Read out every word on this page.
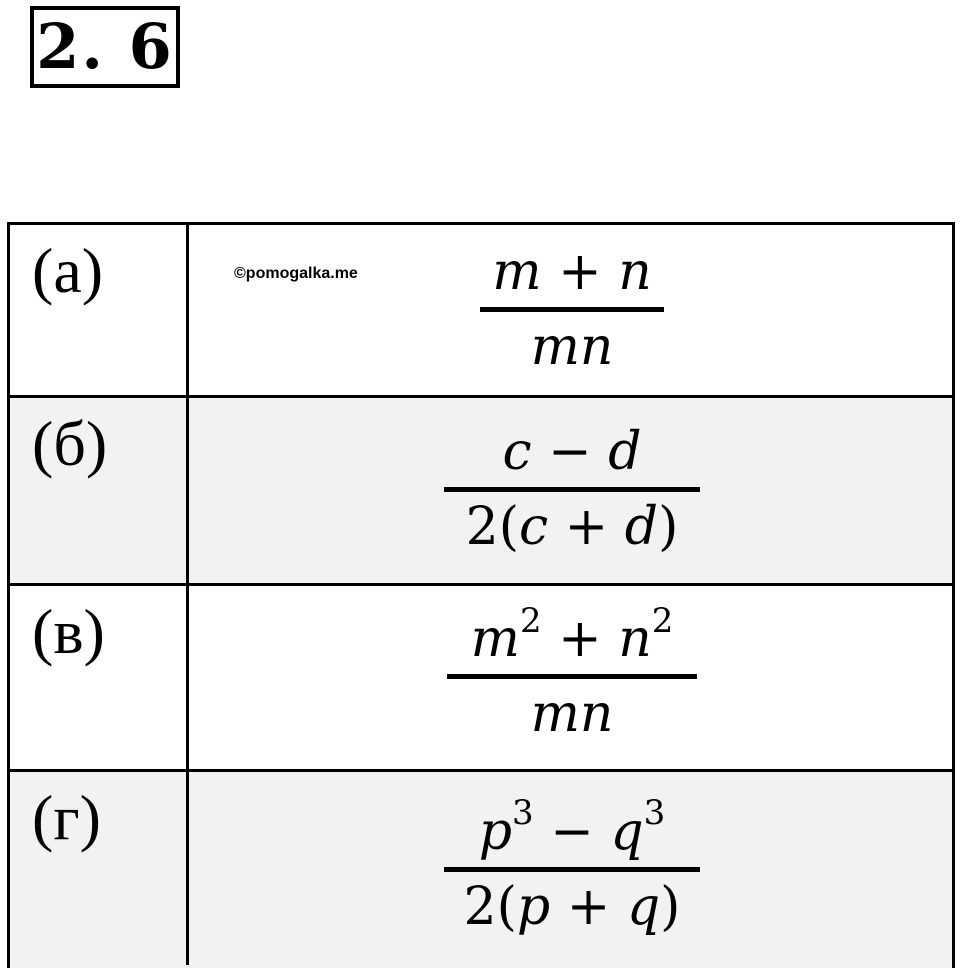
2. 6
(а)	©pomogalka.me	m + n
mn
(б)	c − d
2(c + d)
(в)	$m^2 + n^2$
mn
(г)	$p^3 - q^3$
2(p + q)
